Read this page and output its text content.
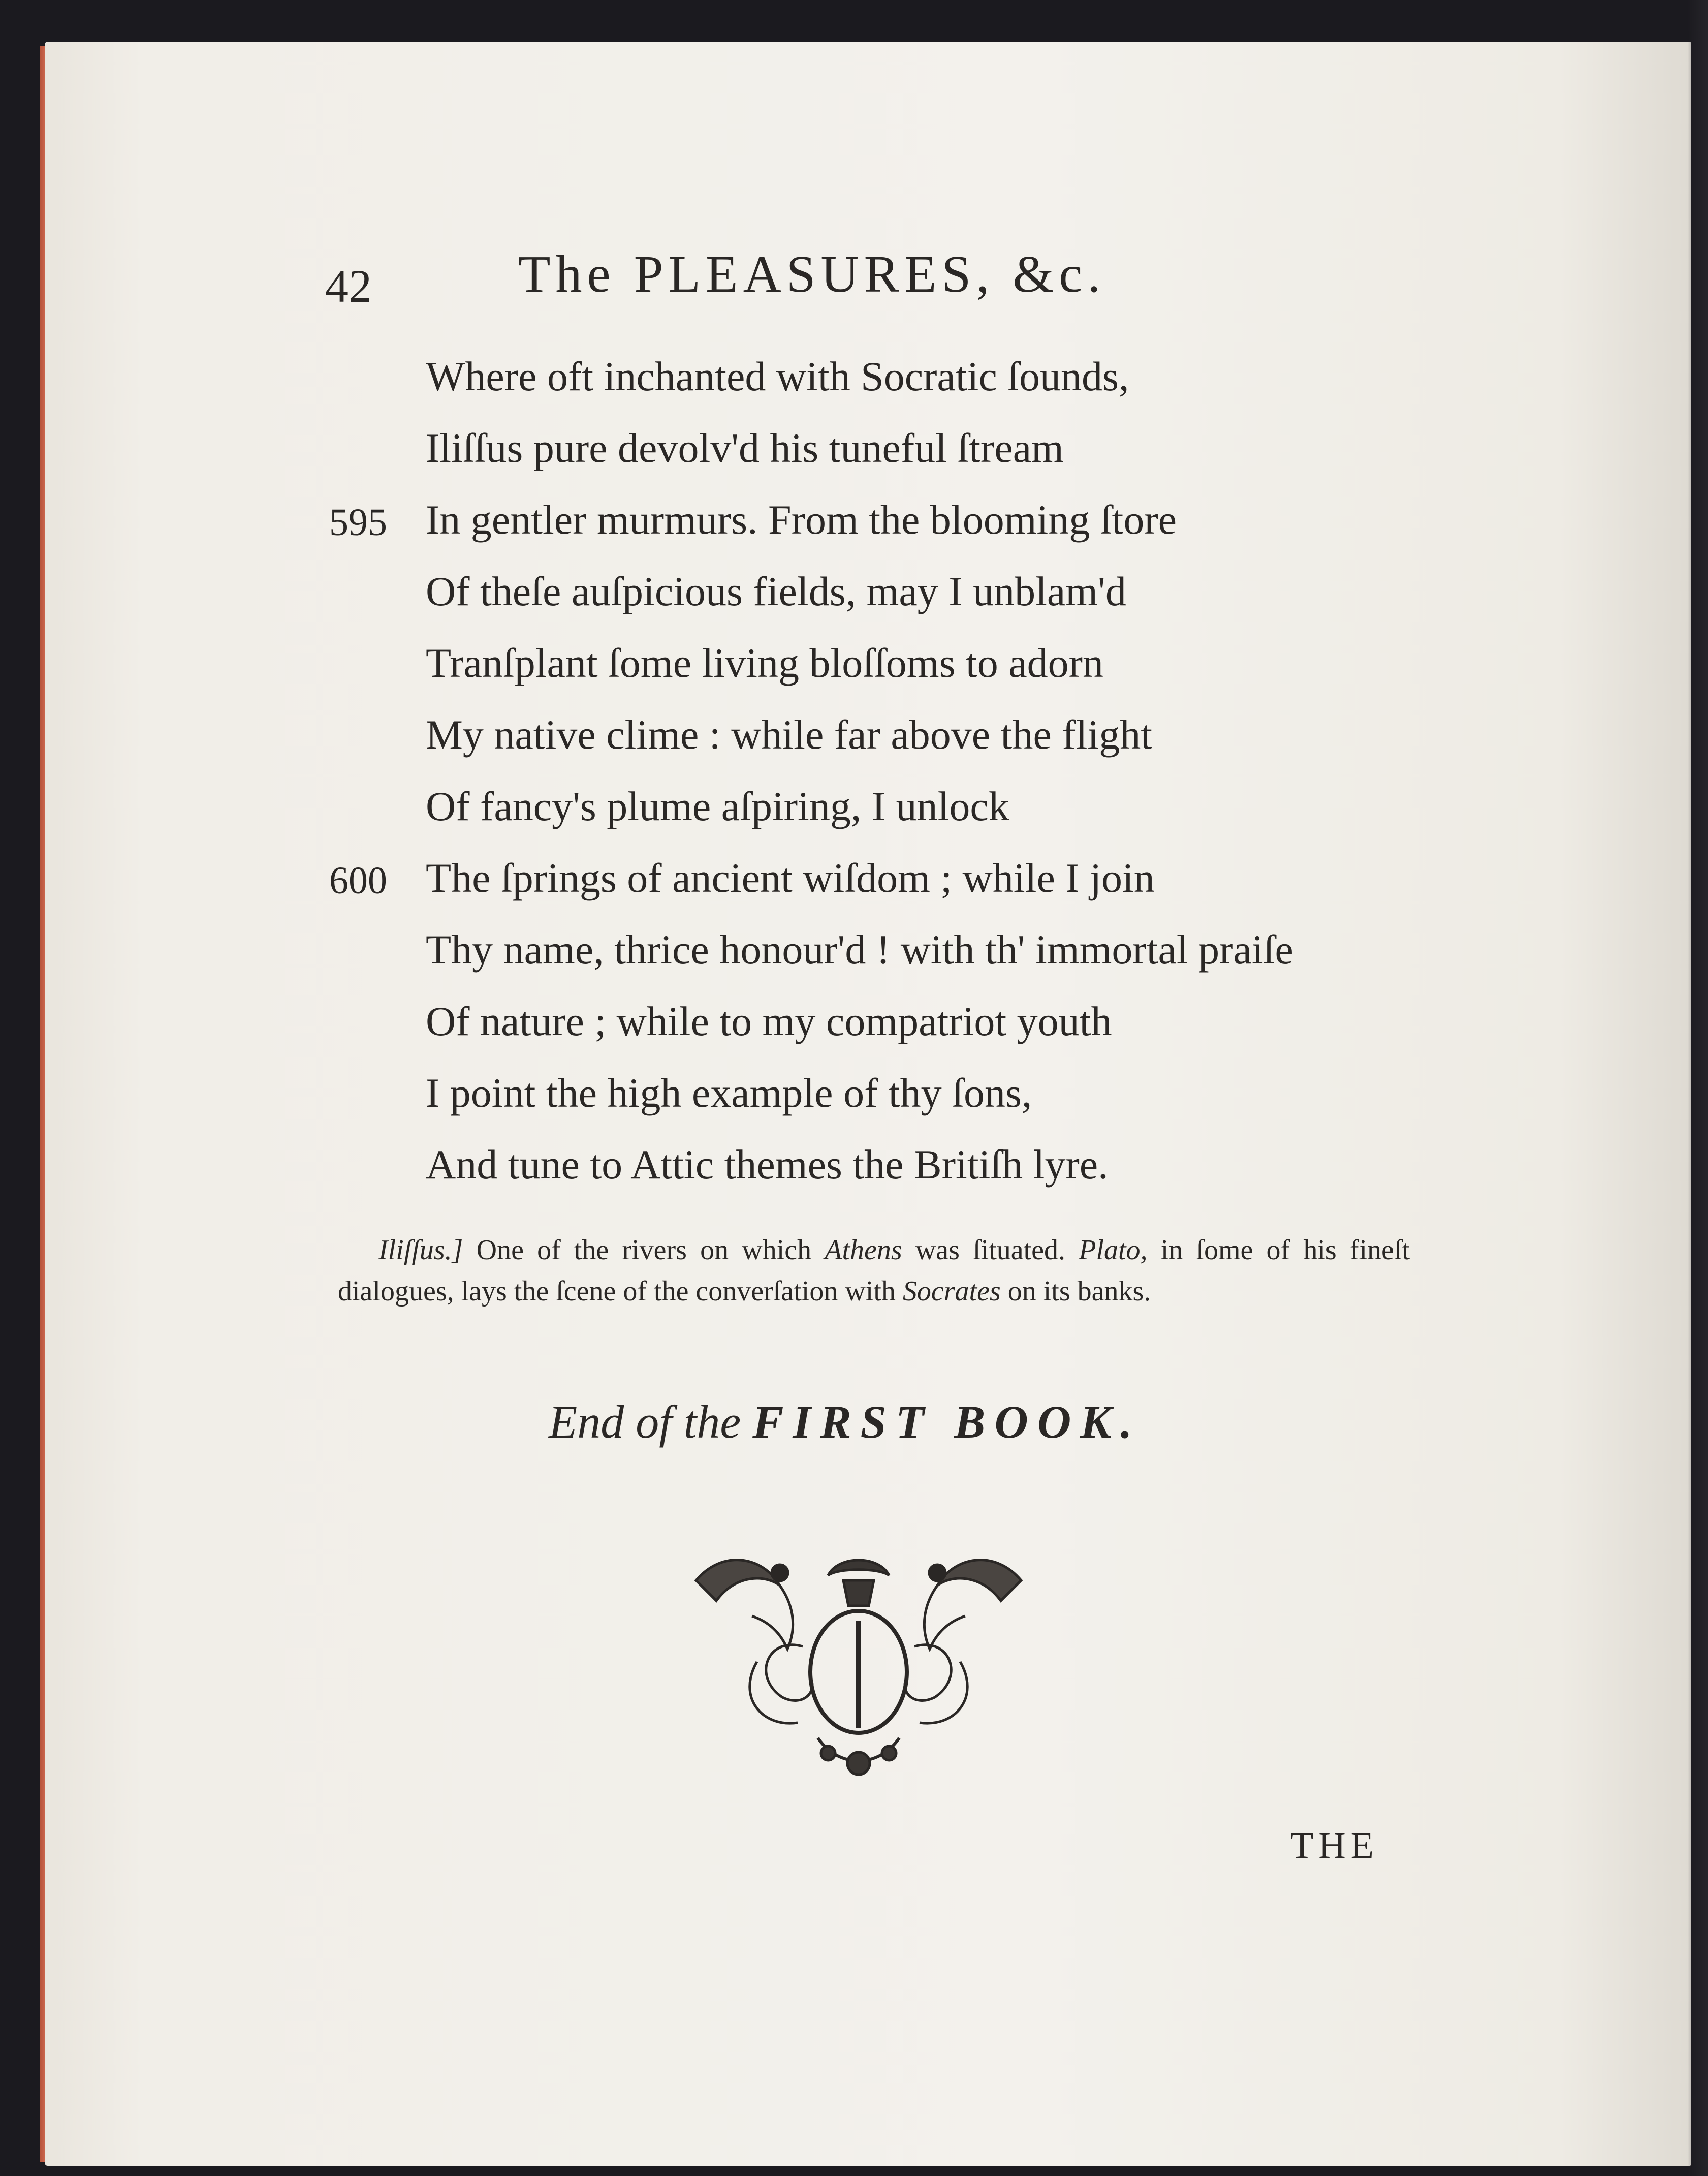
42	The PLEASURES, &c.
Where oft inchanted with Socratic ſounds,
Iliſſus pure devolv'd his tuneful ſtream
595 In gentler murmurs. From the blooming ſtore
Of theſe auſpicious fields, may I unblam'd
Tranſplant ſome living bloſſoms to adorn
My native clime : while far above the flight
Of fancy's plume aſpiring, I unlock
600 The ſprings of ancient wiſdom ; while I join
Thy name, thrice honour'd ! with th' immortal praiſe
Of nature ; while to my compatriot youth
I point the high example of thy ſons,
And tune to Attic themes the Britiſh lyre.
Iliſſus.] One of the rivers on which Athens was ſituated. Plato, in ſome of his fineſt dialogues, lays the ſcene of the converſation with Socrates on its banks.
End of the FIRST BOOK.
THE
